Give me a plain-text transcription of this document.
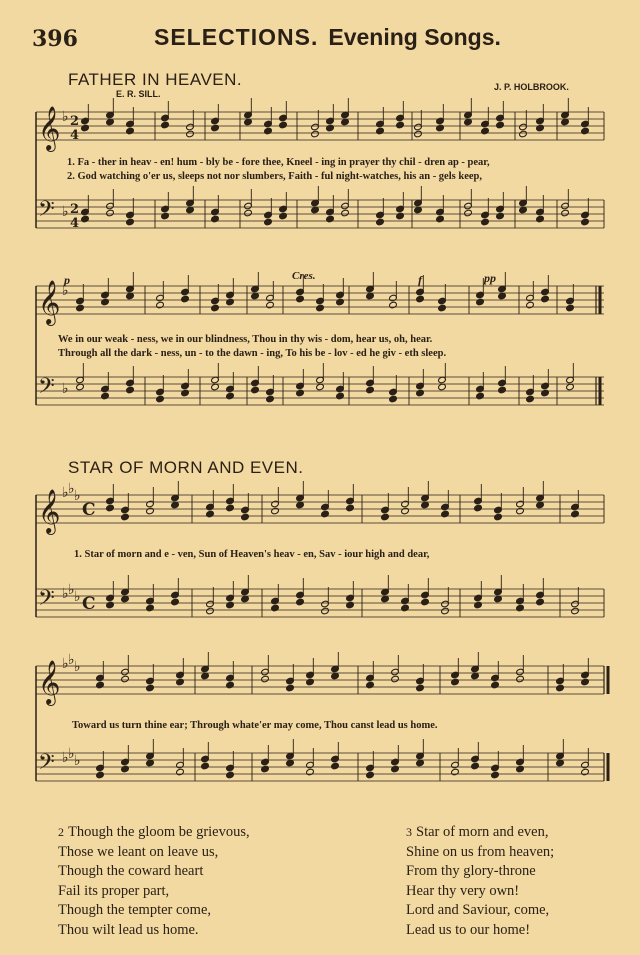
396	SELECTIONS. Evening Songs.
FATHER IN HEAVEN.
E. R. SILL.
J. P. HOLBROOK.
𝄞 ♭ 2
4
𝄢 ♭ 2
4
1. Fa - ther in heav - en! hum - bly be - fore thee, Kneel - ing in prayer thy chil - dren ap - pear,
2. God watching o'er us, sleeps not nor slumbers, Faith - ful night-watches, his an - gels keep,
𝄞 ♭
𝄢 ♭
p	Cres.	f	pp
We in our weak - ness, we in our blindness, Thou in thy wis - dom, hear us, oh, hear.
Through all the dark - ness, un - to the dawn - ing, To his be - lov - ed he giv - eth sleep.
STAR OF MORN AND EVEN.
𝄞 ♭ ♭ ♭
C
𝄢 ♭ ♭ ♭ C
1. Star of morn and e - ven, Sun of Heaven's heav - en, Sav - iour high and dear,
𝄞 ♭ ♭ ♭
𝄢 ♭ ♭ ♭
Toward us turn thine ear; Through whate'er may come, Thou canst lead us home.
2 Though the gloom be grievous,
Those we leant on leave us,
Though the coward heart
Fail its proper part,
Though the tempter come,
Thou wilt lead us home.
3 Star of morn and even,
Shine on us from heaven;
From thy glory-throne
Hear thy very own!
Lord and Saviour, come,
Lead us to our home!
